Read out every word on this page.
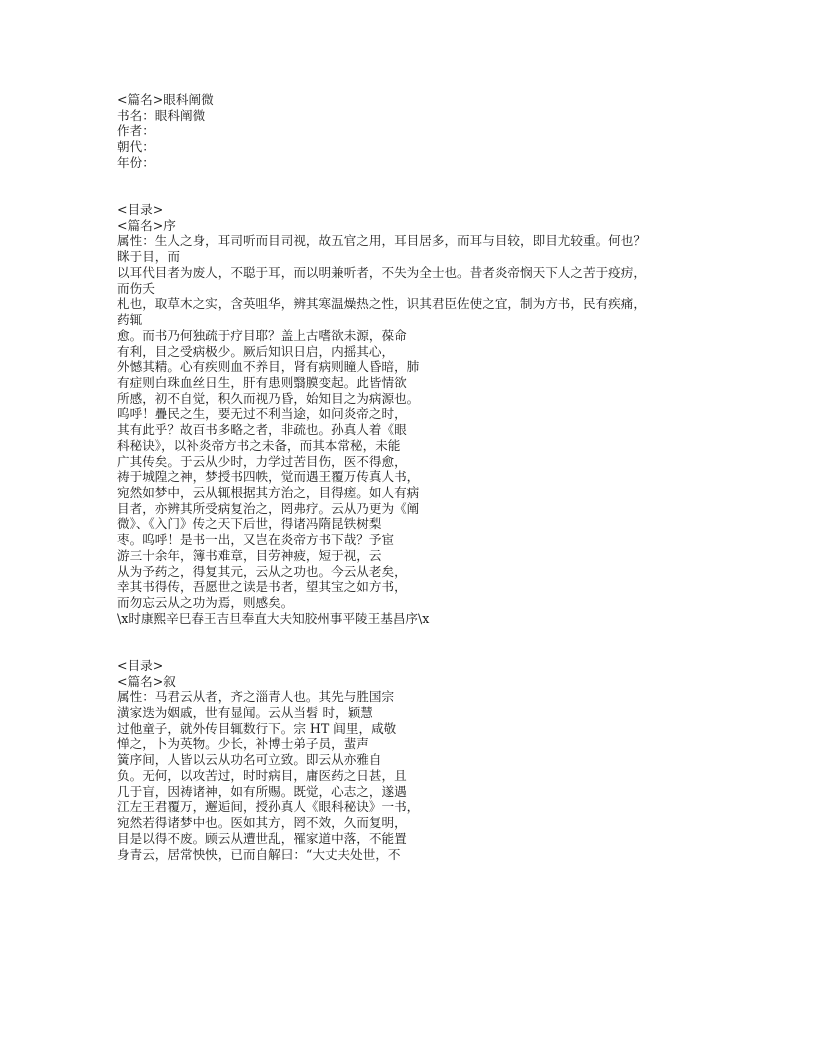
<篇名>眼科阐微
书名：眼科阐微
作者：
朝代：
年份：

<目录>
<篇名>序
属性：生人之身，耳司听而目司视，故五官之用，耳目居多，而耳与目较，即目尤较重。何也？
眯于目，而
以耳代目者为废人，不聪于耳，而以明兼听者，不失为全士也。昔者炎帝悯天下人之苦于疫疠，
而伤夭
札也，取草木之实，含英咀华，辨其寒温燥热之性，识其君臣佐使之宜，制为方书，民有疾痛，
药辄
愈。而书乃何独疏于疗目耶？盖上古嗜欲未源，葆命
有利，目之受病极少。厥后知识日启，内摇其心，
外憾其精。心有疾则血不养目，肾有病则瞳人昏暗，肺
有症则白珠血丝日生，肝有患则翳膜变起。此皆情欲
所感，初不自觉，积久而视乃昏，始知目之为病源也。
呜呼！疊民之生，要无过不利当途，如问炎帝之时，
其有此乎？故百书多略之者，非疏也。孙真人着《眼
科秘诀》，以补炎帝方书之未备，而其本常秘，未能
广其传矣。于云从少时，力学过苦目伤，医不得愈，
祷于城隍之神，梦授书四帙，觉而遇王覆万传真人书，
宛然如梦中，云从辄根据其方治之，目得瘥。如人有病
目者，亦辨其所受病复治之，罔弗疗。云从乃更为《阐
微》、《入门》传之天下后世，得诸冯隋昆铁树梨
枣。呜呼！是书一出，又岂在炎帝方书下哉？予宦
游三十余年，簿书难章，目劳神疲，短于视，云
从为予药之，得复其元，云从之功也。今云从老矣，
幸其书得传，吾愿世之读是书者，望其宝之如方书，
而勿忘云从之功为焉，则感矣。
\x时康熙辛巳春王吉旦奉直大夫知胶州事平陵王基昌序\x

<目录>
<篇名>叙
属性：马君云从者，齐之淄青人也。其先与胜国宗
潢家迭为姻戚，世有显闻。云从当髫 时，颖慧
过他童子，就外传目辄数行下。宗 HT 闾里，咸敬
惮之，卜为英物。少长，补博士弟子员，蜚声
簧序间，人皆以云从功名可立致。即云从亦雅自
负。无何，以攻苦过，时时病目，庸医药之日甚，且
几于盲，因祷诸神，如有所赐。既觉，心志之，遂遇
江左王君覆万，邂逅间，授孙真人《眼科秘诀》一书，
宛然若得诸梦中也。医如其方，罔不效，久而复明，
目是以得不废。顾云从遭世乱，罹家道中落，不能置
身青云，居常怏怏，已而自解曰：“大丈夫处世，不
